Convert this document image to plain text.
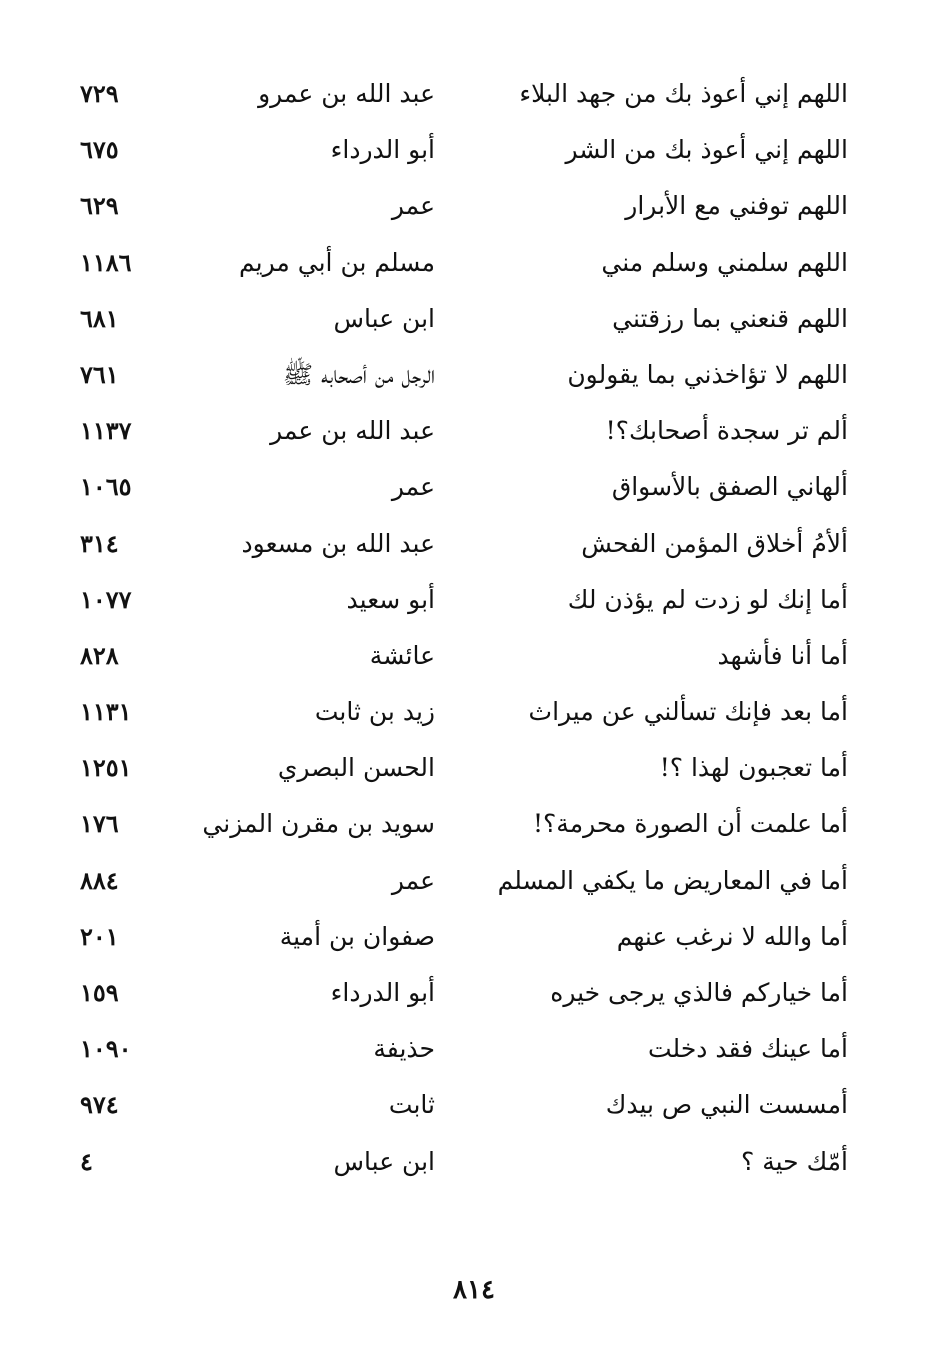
اللهم إني أعوذ بك من جهد البلاء
عبد الله بن عمرو
٧٢٩
اللهم إني أعوذ بك من الشر
أبو الدرداء
٦٧٥
اللهم توفني مع الأبرار
عمر
٦٢٩
اللهم سلمني وسلم مني
مسلم بن أبي مريم
١١٨٦
اللهم قنعني بما رزقتني
ابن عباس
٦٨١
اللهم لا تؤاخذني بما يقولون
الرجل من أصحابه ﷺ
٧٦١
ألم تر سجدة أصحابك؟!
عبد الله بن عمر
١١٣٧
ألهاني الصفق بالأسواق
عمر
١٠٦٥
ألأمُ أخلاق المؤمن الفحش
عبد الله بن مسعود
٣١٤
أما إنك لو زدت لم يؤذن لك
أبو سعيد
١٠٧٧
أما أنا فأشهد
عائشة
٨٢٨
أما بعد فإنك تسألني عن ميراث
زيد بن ثابت
١١٣١
أما تعجبون لهذا ؟!
الحسن البصري
١٢٥١
أما علمت أن الصورة محرمة؟!
سويد بن مقرن المزني
١٧٦
أما في المعاريض ما يكفي المسلم
عمر
٨٨٤
أما والله لا نرغب عنهم
صفوان بن أمية
٢٠١
أما خياركم فالذي يرجى خيره
أبو الدرداء
١٥٩
أما عينك فقد دخلت
حذيفة
١٠٩٠
أمسست النبي ص بيدك
ثابت
٩٧٤
أمّك حية ؟
ابن عباس
٤
٨١٤
